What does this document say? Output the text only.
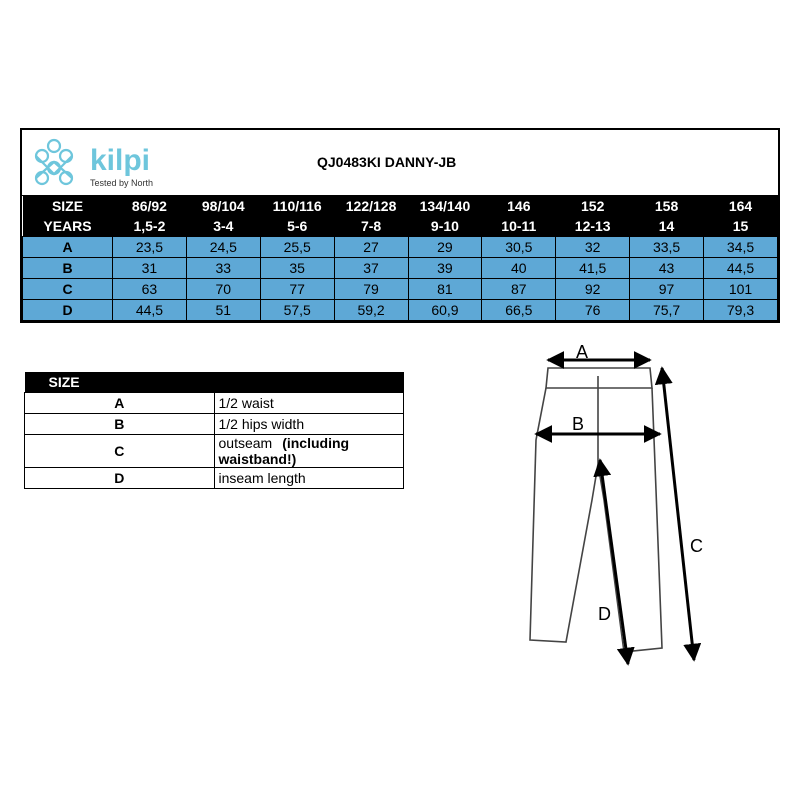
kilpi
Tested by North
QJ0483KI DANNY-JB
SIZE	86/92	98/104	110/116	122/128	134/140	146	152	158	164
YEARS	1,5-2	3-4	5-6	7-8	9-10	10-11	12-13	14	15
A	23,5	24,5	25,5	27	29	30,5	32	33,5	34,5
B	31	33	35	37	39	40	41,5	43	44,5
C	63	70	77	79	81	87	92	97	101
D	44,5	51	57,5	59,2	60,9	66,5	76	75,7	79,3
SIZE	
A	1/2 waist
B	1/2 hips width
C	outseam (including waistband!)
D	inseam length
A
B
C
D
